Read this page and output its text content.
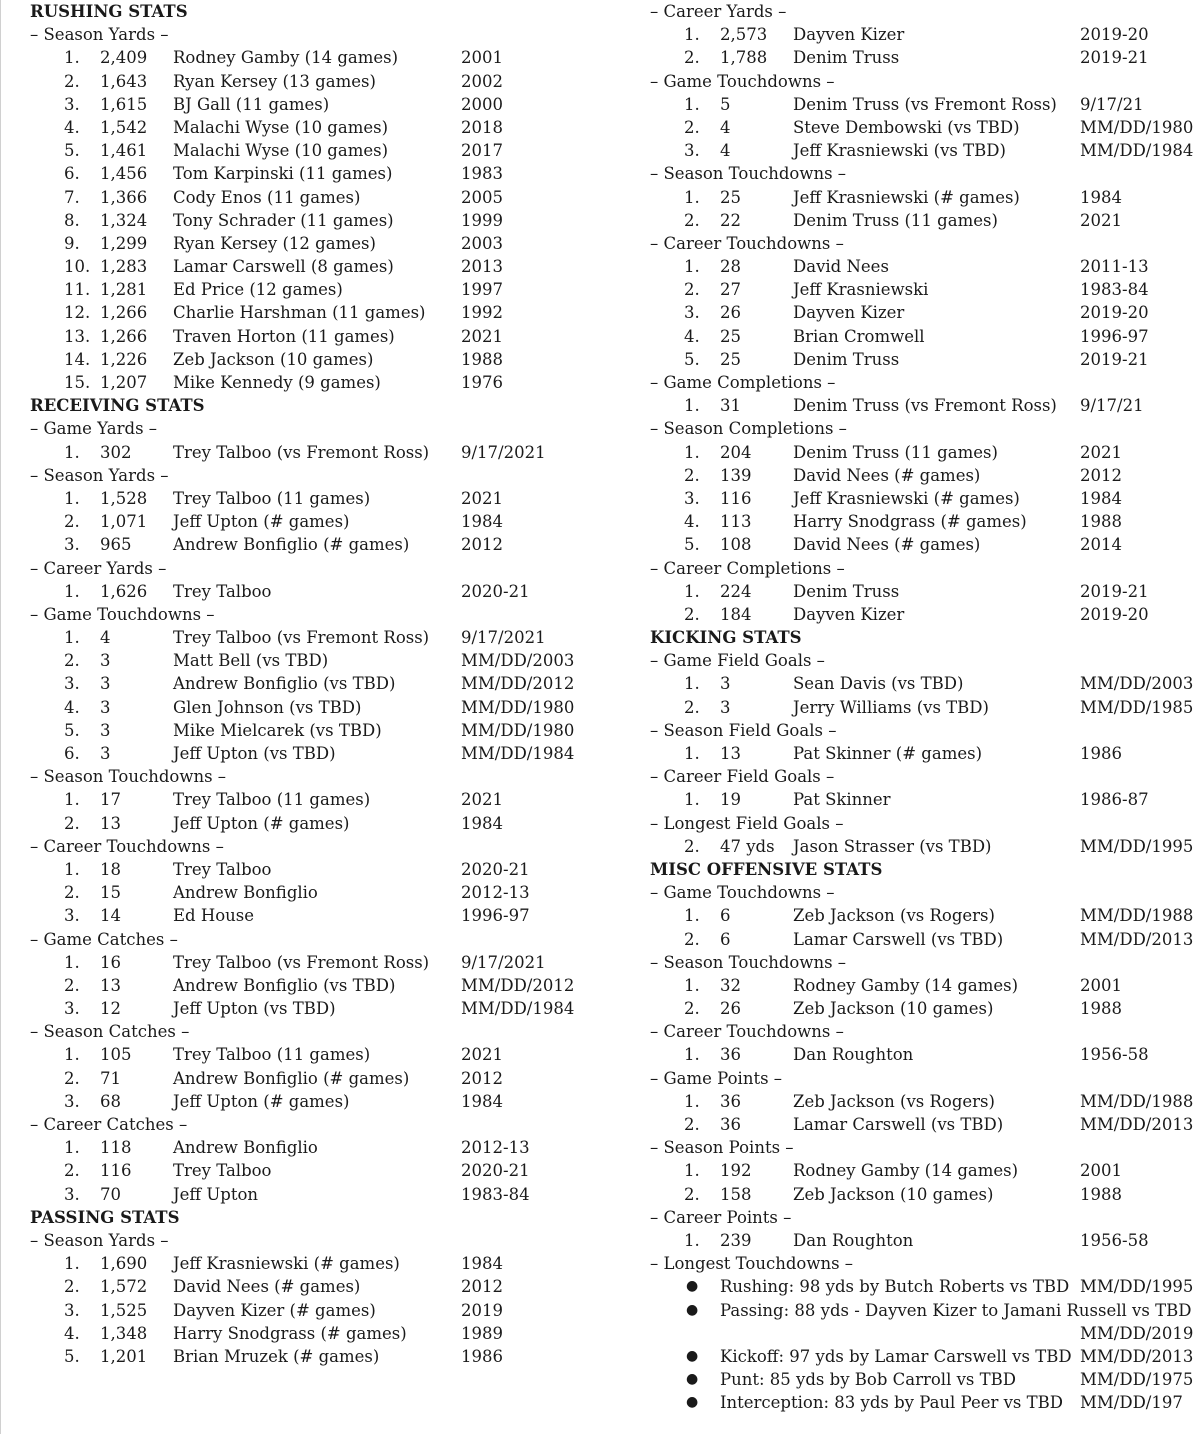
RUSHING STATS
– Season Yards –
1. 2,409 Rodney Gamby (14 games)	2001
2. 1,643 Ryan Kersey (13 games)	2002
3. 1,615 BJ Gall (11 games)	2000
4. 1,542 Malachi Wyse (10 games)	2018
5. 1,461 Malachi Wyse (10 games)	2017
6. 1,456 Tom Karpinski (11 games)	1983
7. 1,366 Cody Enos (11 games)	2005
8. 1,324 Tony Schrader (11 games)	1999
9. 1,299 Ryan Kersey (12 games)	2003
10. 1,283 Lamar Carswell (8 games)	2013
11. 1,281 Ed Price (12 games)	1997
12. 1,266 Charlie Harshman (11 games) 1992
13. 1,266 Traven Horton (11 games)	2021
14. 1,226 Zeb Jackson (10 games)	1988
15. 1,207 Mike Kennedy (9 games)	1976
RECEIVING STATS
– Game Yards –
1. 302	Trey Talboo (vs Fremont Ross) 9/17/2021
– Season Yards –
1. 1,528 Trey Talboo (11 games)	2021
2. 1,071 Jeff Upton (# games)	1984
3. 965	Andrew Bonfiglio (# games)	2012
– Career Yards –
1. 1,626 Trey Talboo	2020-21
– Game Touchdowns –
1. 4	Trey Talboo (vs Fremont Ross) 9/17/2021
2. 3	Matt Bell (vs TBD)	MM/DD/2003
3. 3	Andrew Bonfiglio (vs TBD)	MM/DD/2012
4. 3	Glen Johnson (vs TBD)	MM/DD/1980
5. 3	Mike Mielcarek (vs TBD)	MM/DD/1980
6. 3	Jeff Upton (vs TBD)	MM/DD/1984
– Season Touchdowns –
1. 17	Trey Talboo (11 games)	2021
2. 13	Jeff Upton (# games)	1984
– Career Touchdowns –
1. 18	Trey Talboo	2020-21
2. 15	Andrew Bonfiglio	2012-13
3. 14	Ed House	1996-97
– Game Catches –
1. 16	Trey Talboo (vs Fremont Ross) 9/17/2021
2. 13	Andrew Bonfiglio (vs TBD)	MM/DD/2012
3. 12	Jeff Upton (vs TBD)	MM/DD/1984
– Season Catches –
1. 105	Trey Talboo (11 games)	2021
2. 71	Andrew Bonfiglio (# games)	2012
3. 68	Jeff Upton (# games)	1984
– Career Catches –
1. 118	Andrew Bonfiglio	2012-13
2. 116	Trey Talboo	2020-21
3. 70	Jeff Upton	1983-84
PASSING STATS
– Season Yards –
1. 1,690 Jeff Krasniewski (# games)	1984
2. 1,572 David Nees (# games)	2012
3. 1,525 Dayven Kizer (# games)	2019
4. 1,348 Harry Snodgrass (# games)	1989
5. 1,201 Brian Mruzek (# games)	1986
– Career Yards –
1. 2,573 Dayven Kizer	2019-20
2. 1,788 Denim Truss	2019-21
– Game Touchdowns –
1. 5	Denim Truss (vs Fremont Ross) 9/17/21
2. 4	Steve Dembowski (vs TBD)	MM/DD/1980
3. 4	Jeff Krasniewski (vs TBD)	MM/DD/1984
– Season Touchdowns –
1. 25	Jeff Krasniewski (# games)	1984
2. 22	Denim Truss (11 games)	2021
– Career Touchdowns –
1. 28	David Nees	2011-13
2. 27	Jeff Krasniewski	1983-84
3. 26	Dayven Kizer	2019-20
4. 25	Brian Cromwell	1996-97
5. 25	Denim Truss	2019-21
– Game Completions –
1. 31	Denim Truss (vs Fremont Ross) 9/17/21
– Season Completions –
1. 204	Denim Truss (11 games)	2021
2. 139	David Nees (# games)	2012
3. 116	Jeff Krasniewski (# games)	1984
4. 113	Harry Snodgrass (# games)	1988
5. 108	David Nees (# games)	2014
– Career Completions –
1. 224	Denim Truss	2019-21
2. 184	Dayven Kizer	2019-20
KICKING STATS
– Game Field Goals –
1. 3	Sean Davis (vs TBD)	MM/DD/2003
2. 3	Jerry Williams (vs TBD)	MM/DD/1985
– Season Field Goals –
1. 13	Pat Skinner (# games)	1986
– Career Field Goals –
1. 19	Pat Skinner	1986-87
– Longest Field Goals –
2. 47 yds Jason Strasser (vs TBD)	MM/DD/1995
MISC OFFENSIVE STATS
– Game Touchdowns –
1. 6	Zeb Jackson (vs Rogers)	MM/DD/1988
2. 6	Lamar Carswell (vs TBD)	MM/DD/2013
– Season Touchdowns –
1. 32	Rodney Gamby (14 games)	2001
2. 26	Zeb Jackson (10 games)	1988
– Career Touchdowns –
1. 36	Dan Roughton	1956-58
– Game Points –
1. 36	Zeb Jackson (vs Rogers)	MM/DD/1988
2. 36	Lamar Carswell (vs TBD)	MM/DD/2013
– Season Points –
1. 192	Rodney Gamby (14 games)	2001
2. 158	Zeb Jackson (10 games)	1988
– Career Points –
1. 239	Dan Roughton	1956-58
– Longest Touchdowns –
● Rushing: 98 yds by Butch Roberts vs TBD MM/DD/1995
● Passing: 88 yds - Dayven Kizer to Jamani Russell vs TBD
MM/DD/2019
● Kickoff: 97 yds by Lamar Carswell vs TBD MM/DD/2013
● Punt: 85 yds by Bob Carroll vs TBD	MM/DD/1975
● Interception: 83 yds by Paul Peer vs TBD MM/DD/197
